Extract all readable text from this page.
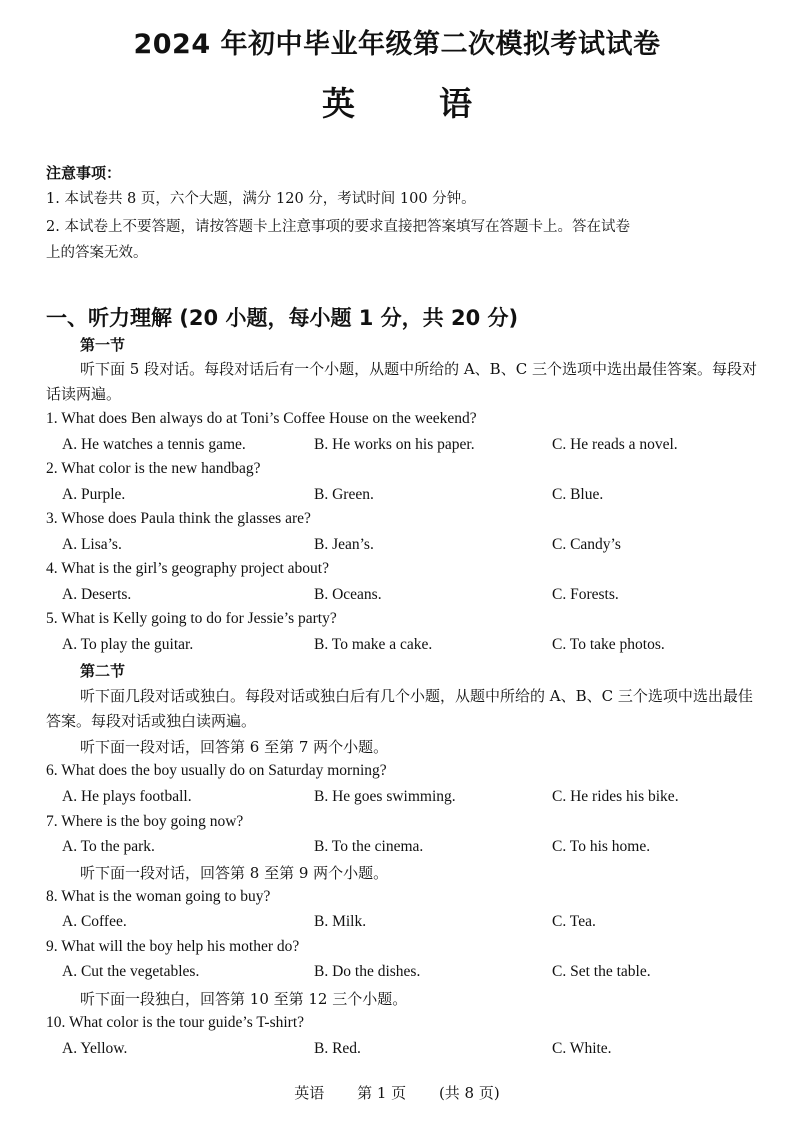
2024 年初中毕业年级第二次模拟考试试卷
英	语
注意事项：
1. 本试卷共 8 页，六个大题，满分 120 分，考试时间 100 分钟。
2. 本试卷上不要答题，请按答题卡上注意事项的要求直接把答案填写在答题卡上。答在试卷
上的答案无效。
一、听力理解 (20 小题，每小题 1 分，共 20 分)
第一节
听下面 5 段对话。每段对话后有一个小题，从题中所给的 A、B、C 三个选项中选出最佳答案。每段对话读两遍。
1. What does Ben always do at Toni’s Coffee House on the weekend?
A. He watches a tennis game.	B. He works on his paper.	C. He reads a novel.
2. What color is the new handbag?
A. Purple.	B. Green.	C. Blue.
3. Whose does Paula think the glasses are?
A. Lisa’s.	B. Jean’s.	C. Candy’s
4. What is the girl’s geography project about?
A. Deserts.	B. Oceans.	C. Forests.
5. What is Kelly going to do for Jessie’s party?
A. To play the guitar.	B. To make a cake.	C. To take photos.
第二节
听下面几段对话或独白。每段对话或独白后有几个小题，从题中所给的 A、B、C 三个选项中选出最佳答案。每段对话或独白读两遍。
听下面一段对话，回答第 6 至第 7 两个小题。
6. What does the boy usually do on Saturday morning?
A. He plays football.	B. He goes swimming.	C. He rides his bike.
7. Where is the boy going now?
A. To the park.	B. To the cinema.	C. To his home.
听下面一段对话，回答第 8 至第 9 两个小题。
8. What is the woman going to buy?
A. Coffee.	B. Milk.	C. Tea.
9. What will the boy help his mother do?
A. Cut the vegetables.	B. Do the dishes.	C. Set the table.
听下面一段独白，回答第 10 至第 12 三个小题。
10. What color is the tour guide’s T-shirt?
A. Yellow.	B. Red.	C. White.
英语 第 1 页 (共 8 页)
